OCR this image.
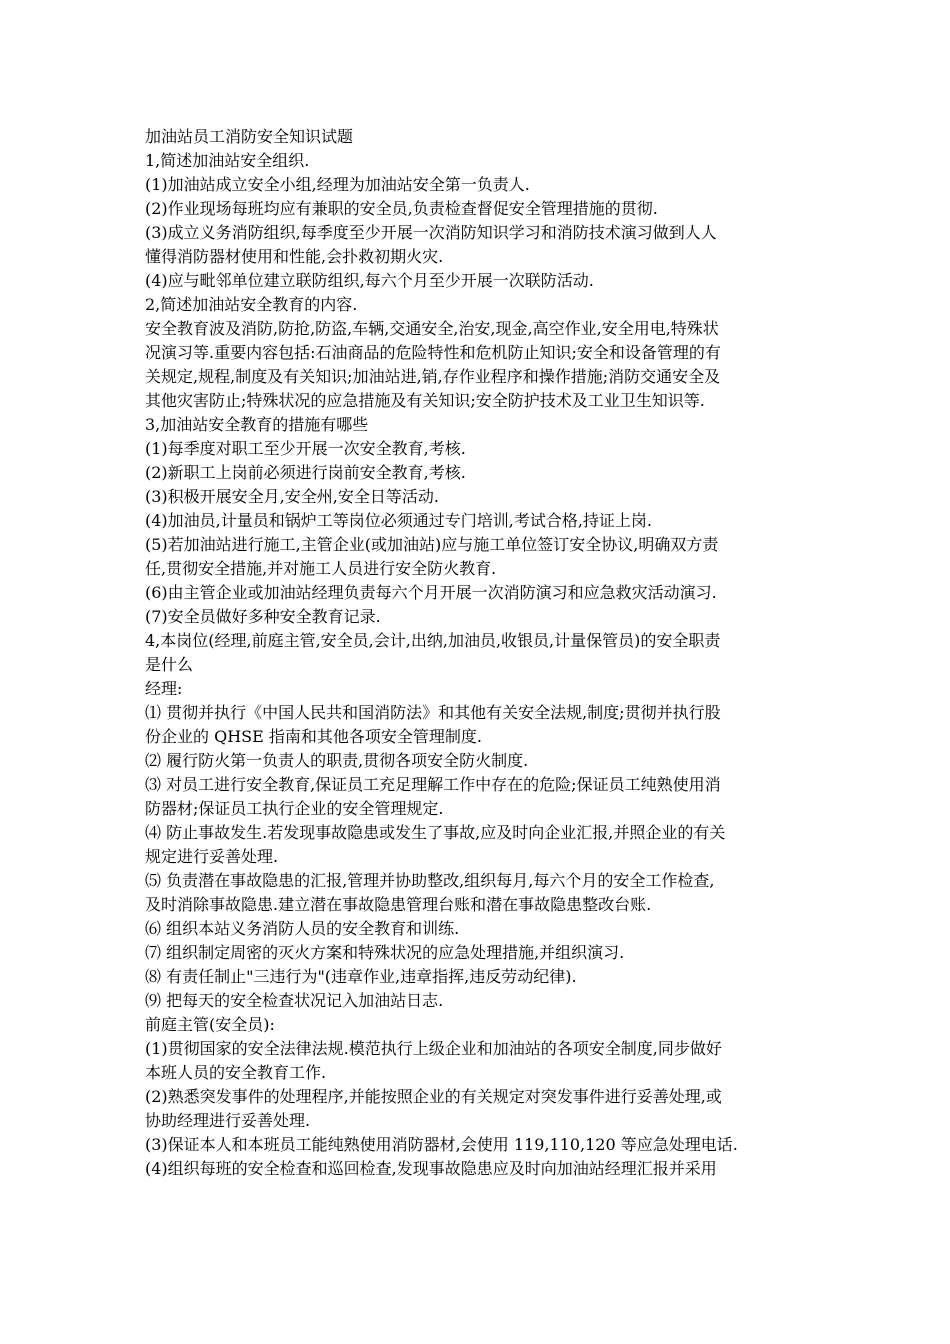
加油站员工消防安全知识试题
1,简述加油站安全组织.
(1)加油站成立安全小组,经理为加油站安全第一负责人.
(2)作业现场每班均应有兼职的安全员,负责检查督促安全管理措施的贯彻.
(3)成立义务消防组织,每季度至少开展一次消防知识学习和消防技术演习做到人人
懂得消防器材使用和性能,会扑救初期火灾.
(4)应与毗邻单位建立联防组织,每六个月至少开展一次联防活动.
2,简述加油站安全教育的内容.
安全教育波及消防,防抢,防盗,车辆,交通安全,治安,现金,高空作业,安全用电,特殊状
况演习等.重要内容包括:石油商品的危险特性和危机防止知识;安全和设备管理的有
关规定,规程,制度及有关知识;加油站进,销,存作业程序和操作措施;消防交通安全及
其他灾害防止;特殊状况的应急措施及有关知识;安全防护技术及工业卫生知识等.
3,加油站安全教育的措施有哪些
(1)每季度对职工至少开展一次安全教育,考核.
(2)新职工上岗前必须进行岗前安全教育,考核.
(3)积极开展安全月,安全州,安全日等活动.
(4)加油员,计量员和锅炉工等岗位必须通过专门培训,考试合格,持证上岗.
(5)若加油站进行施工,主管企业(或加油站)应与施工单位签订安全协议,明确双方责
任,贯彻安全措施,并对施工人员进行安全防火教育.
(6)由主管企业或加油站经理负责每六个月开展一次消防演习和应急救灾活动演习.
(7)安全员做好多种安全教育记录.
4,本岗位(经理,前庭主管,安全员,会计,出纳,加油员,收银员,计量保管员)的安全职责
是什么
经理:
⑴ 贯彻并执行《中国人民共和国消防法》和其他有关安全法规,制度;贯彻并执行股
份企业的 QHSE 指南和其他各项安全管理制度.
⑵ 履行防火第一负责人的职责,贯彻各项安全防火制度.
⑶ 对员工进行安全教育,保证员工充足理解工作中存在的危险;保证员工纯熟使用消
防器材;保证员工执行企业的安全管理规定.
⑷ 防止事故发生.若发现事故隐患或发生了事故,应及时向企业汇报,并照企业的有关
规定进行妥善处理.
⑸ 负责潜在事故隐患的汇报,管理并协助整改,组织每月,每六个月的安全工作检查,
及时消除事故隐患.建立潜在事故隐患管理台账和潜在事故隐患整改台账.
⑹ 组织本站义务消防人员的安全教育和训练.
⑺ 组织制定周密的灭火方案和特殊状况的应急处理措施,并组织演习.
⑻ 有责任制止"三违行为"(违章作业,违章指挥,违反劳动纪律).
⑼ 把每天的安全检查状况记入加油站日志.
前庭主管(安全员):
(1)贯彻国家的安全法律法规.模范执行上级企业和加油站的各项安全制度,同步做好
本班人员的安全教育工作.
(2)熟悉突发事件的处理程序,并能按照企业的有关规定对突发事件进行妥善处理,或
协助经理进行妥善处理.
(3)保证本人和本班员工能纯熟使用消防器材,会使用 119,110,120 等应急处理电话.
(4)组织每班的安全检查和巡回检查,发现事故隐患应及时向加油站经理汇报并采用
